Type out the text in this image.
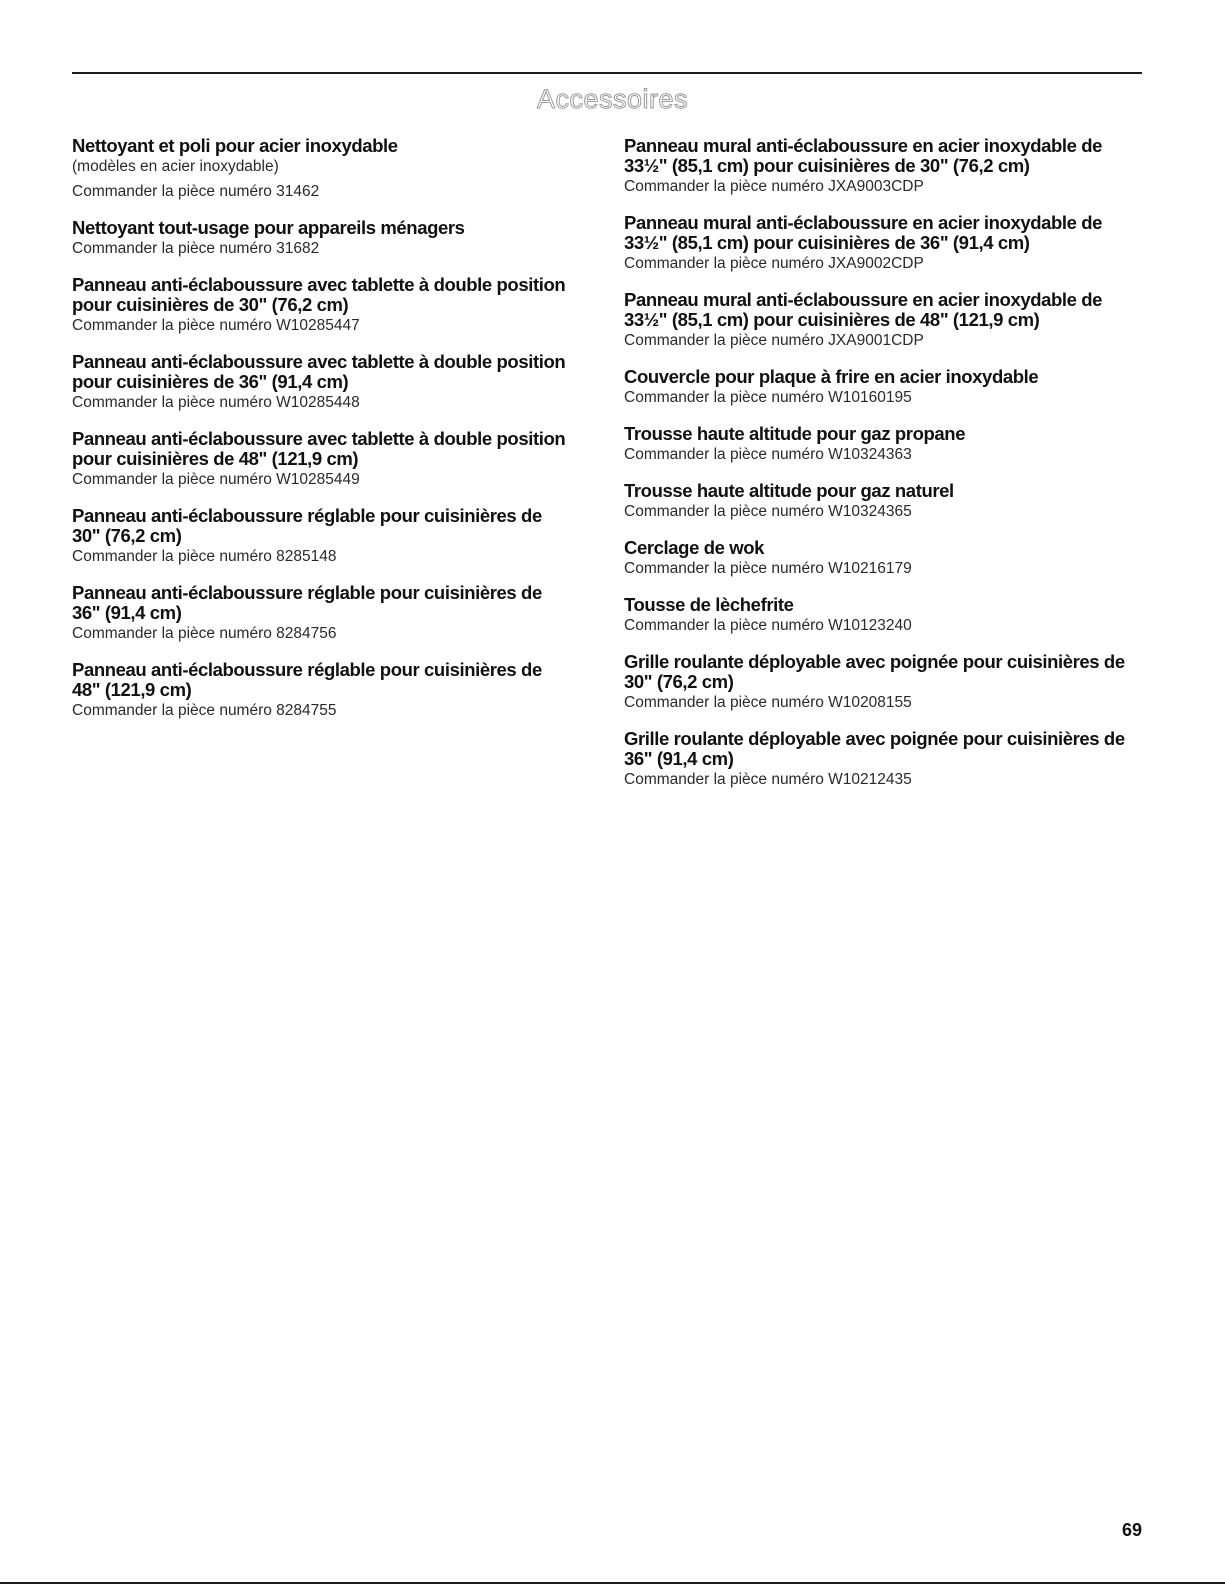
Accessoires
Nettoyant et poli pour acier inoxydable
(modèles en acier inoxydable)
Commander la pièce numéro 31462
Nettoyant tout-usage pour appareils ménagers
Commander la pièce numéro 31682
Panneau anti-éclaboussure avec tablette à double position pour cuisinières de 30" (76,2 cm)
Commander la pièce numéro W10285447
Panneau anti-éclaboussure avec tablette à double position pour cuisinières de 36" (91,4 cm)
Commander la pièce numéro W10285448
Panneau anti-éclaboussure avec tablette à double position pour cuisinières de 48" (121,9 cm)
Commander la pièce numéro W10285449
Panneau anti-éclaboussure réglable pour cuisinières de 30" (76,2 cm)
Commander la pièce numéro 8285148
Panneau anti-éclaboussure réglable pour cuisinières de 36" (91,4 cm)
Commander la pièce numéro 8284756
Panneau anti-éclaboussure réglable pour cuisinières de 48" (121,9 cm)
Commander la pièce numéro 8284755
Panneau mural anti-éclaboussure en acier inoxydable de 33½" (85,1 cm) pour cuisinières de 30" (76,2 cm)
Commander la pièce numéro JXA9003CDP
Panneau mural anti-éclaboussure en acier inoxydable de 33½" (85,1 cm) pour cuisinières de 36" (91,4 cm)
Commander la pièce numéro JXA9002CDP
Panneau mural anti-éclaboussure en acier inoxydable de 33½" (85,1 cm) pour cuisinières de 48" (121,9 cm)
Commander la pièce numéro JXA9001CDP
Couvercle pour plaque à frire en acier inoxydable
Commander la pièce numéro W10160195
Trousse haute altitude pour gaz propane
Commander la pièce numéro W10324363
Trousse haute altitude pour gaz naturel
Commander la pièce numéro W10324365
Cerclage de wok
Commander la pièce numéro W10216179
Tousse de lèchefrite
Commander la pièce numéro W10123240
Grille roulante déployable avec poignée pour cuisinières de 30" (76,2 cm)
Commander la pièce numéro W10208155
Grille roulante déployable avec poignée pour cuisinières de 36" (91,4 cm)
Commander la pièce numéro W10212435
69
